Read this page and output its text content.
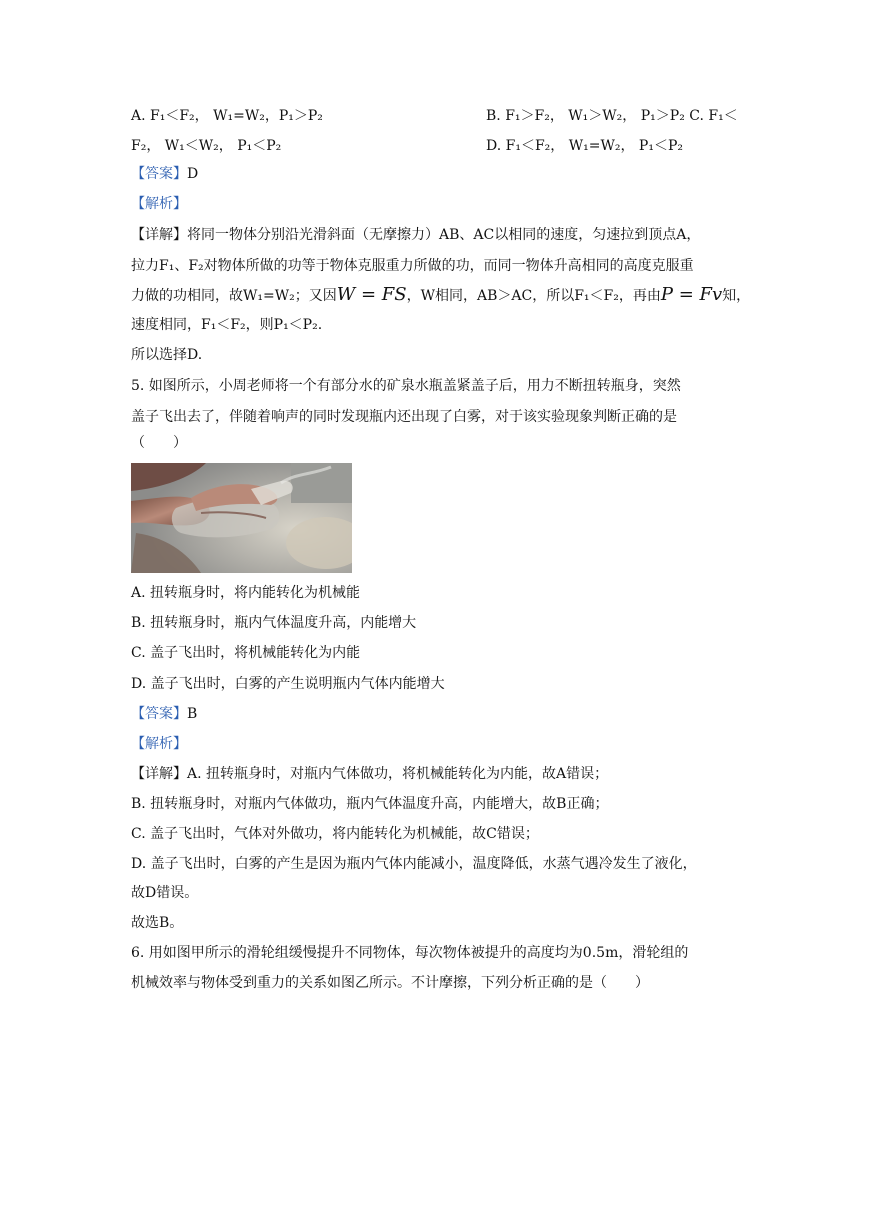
A. F₁＜F₂， W₁=W₂，P₁＞P₂	B. F₁＞F₂， W₁＞W₂， P₁＞P₂ C. F₁＜
F₂， W₁＜W₂， P₁＜P₂	D. F₁＜F₂， W₁=W₂， P₁＜P₂
【答案】D
【解析】
【详解】将同一物体分别沿光滑斜面（无摩擦力）AB、AC以相同的速度，匀速拉到顶点A，
拉力F₁、F₂对物体所做的功等于物体克服重力所做的功，而同一物体升高相同的高度克服重
力做的功相同，故W₁=W₂；又因W = FS，W相同，AB＞AC，所以F₁＜F₂，再由P = Fv知，
速度相同，F₁＜F₂，则P₁＜P₂.
所以选择D.
5. 如图所示，小周老师将一个有部分水的矿泉水瓶盖紧盖子后，用力不断扭转瓶身，突然
盖子飞出去了，伴随着响声的同时发现瓶内还出现了白雾，对于该实验现象判断正确的是
（　　）
A. 扭转瓶身时，将内能转化为机械能
B. 扭转瓶身时，瓶内气体温度升高，内能增大
C. 盖子飞出时，将机械能转化为内能
D. 盖子飞出时，白雾的产生说明瓶内气体内能增大
【答案】B
【解析】
【详解】A. 扭转瓶身时，对瓶内气体做功，将机械能转化为内能，故A错误；
B. 扭转瓶身时，对瓶内气体做功，瓶内气体温度升高，内能增大，故B正确；
C. 盖子飞出时，气体对外做功，将内能转化为机械能，故C错误；
D. 盖子飞出时，白雾的产生是因为瓶内气体内能减小，温度降低，水蒸气遇冷发生了液化，
故D错误。
故选B。
6. 用如图甲所示的滑轮组缓慢提升不同物体，每次物体被提升的高度均为0.5m，滑轮组的
机械效率与物体受到重力的关系如图乙所示。不计摩擦，下列分析正确的是（　　）
